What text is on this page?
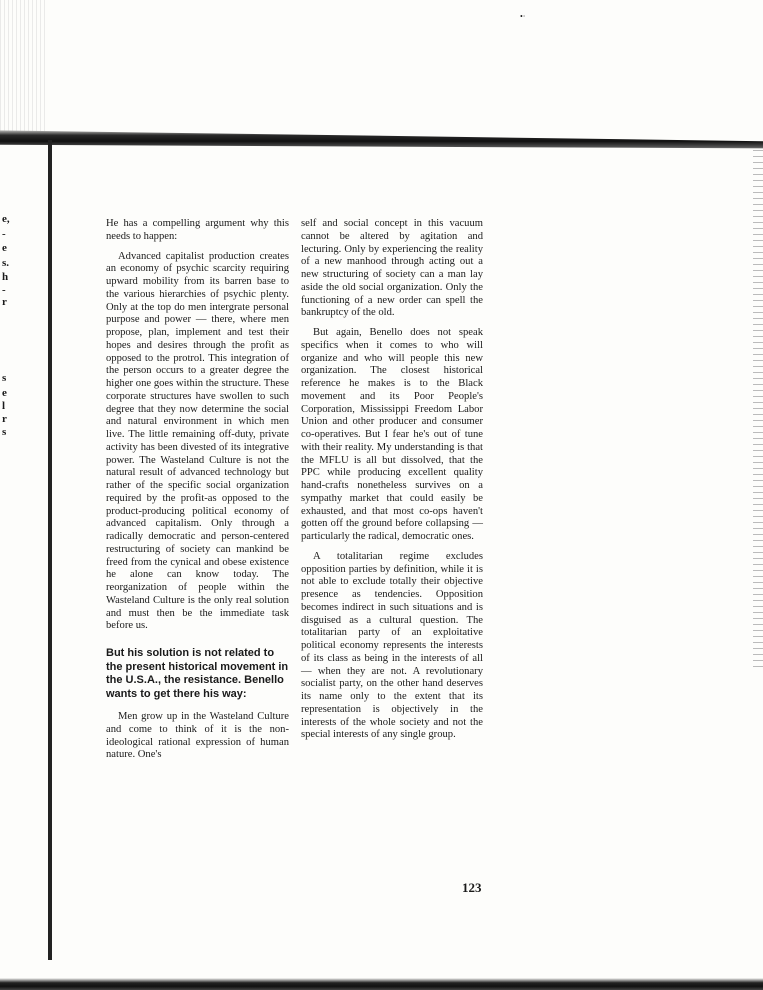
•·
e,
-
e
s.
h
-
r
s
e
l
r
s

He has a compelling argument why this needs to happen:

Advanced capitalist production creates an economy of psychic scarcity requiring upward mobility from its barren base to the various hierarchies of psychic plenty. Only at the top do men intergrate personal purpose and power — there, where men propose, plan, implement and test their hopes and desires through the profit as opposed to the protrol. This integration of the person occurs to a greater degree the higher one goes within the structure. These corporate structures have swollen to such degree that they now determine the social and natural environment in which men live. The little remaining off-duty, private activity has been divested of its integrative power. The Wasteland Culture is not the natural result of advanced technology but rather of the specific social organization required by the profit-as opposed to the product-producing political economy of advanced capitalism. Only through a radically democratic and person-centered restructuring of society can mankind be freed from the cynical and obese existence he alone can know today. The reorganization of people within the Wasteland Culture is the only real solution and must then be the immediate task before us.

But his solution is not related to the present historical movement in the U.S.A., the resistance. Benello wants to get there his way:

Men grow up in the Wasteland Culture and come to think of it is the non-ideological rational expression of human nature. One's

self and social concept in this vacuum cannot be altered by agitation and lecturing. Only by experiencing the reality of a new manhood through acting out a new structuring of society can a man lay aside the old social organization. Only the functioning of a new order can spell the bankruptcy of the old.

But again, Benello does not speak specifics when it comes to who will organize and who will people this new organization. The closest historical reference he makes is to the Black movement and its Poor People's Corporation, Mississippi Freedom Labor Union and other producer and consumer co-operatives. But I fear he's out of tune with their reality. My understanding is that the MFLU is all but dissolved, that the PPC while producing excellent quality hand-crafts nonetheless survives on a sympathy market that could easily be exhausted, and that most co-ops haven't gotten off the ground before collapsing — particularly the radical, democratic ones.

A totalitarian regime excludes opposition parties by definition, while it is not able to exclude totally their objective presence as tendencies. Opposition becomes indirect in such situations and is disguised as a cultural question. The totalitarian party of an exploitative political economy represents the interests of its class as being in the interests of all — when they are not. A revolutionary socialist party, on the other hand deserves its name only to the extent that its representation is objectively in the interests of the whole society and not the special interests of any single group.

123
